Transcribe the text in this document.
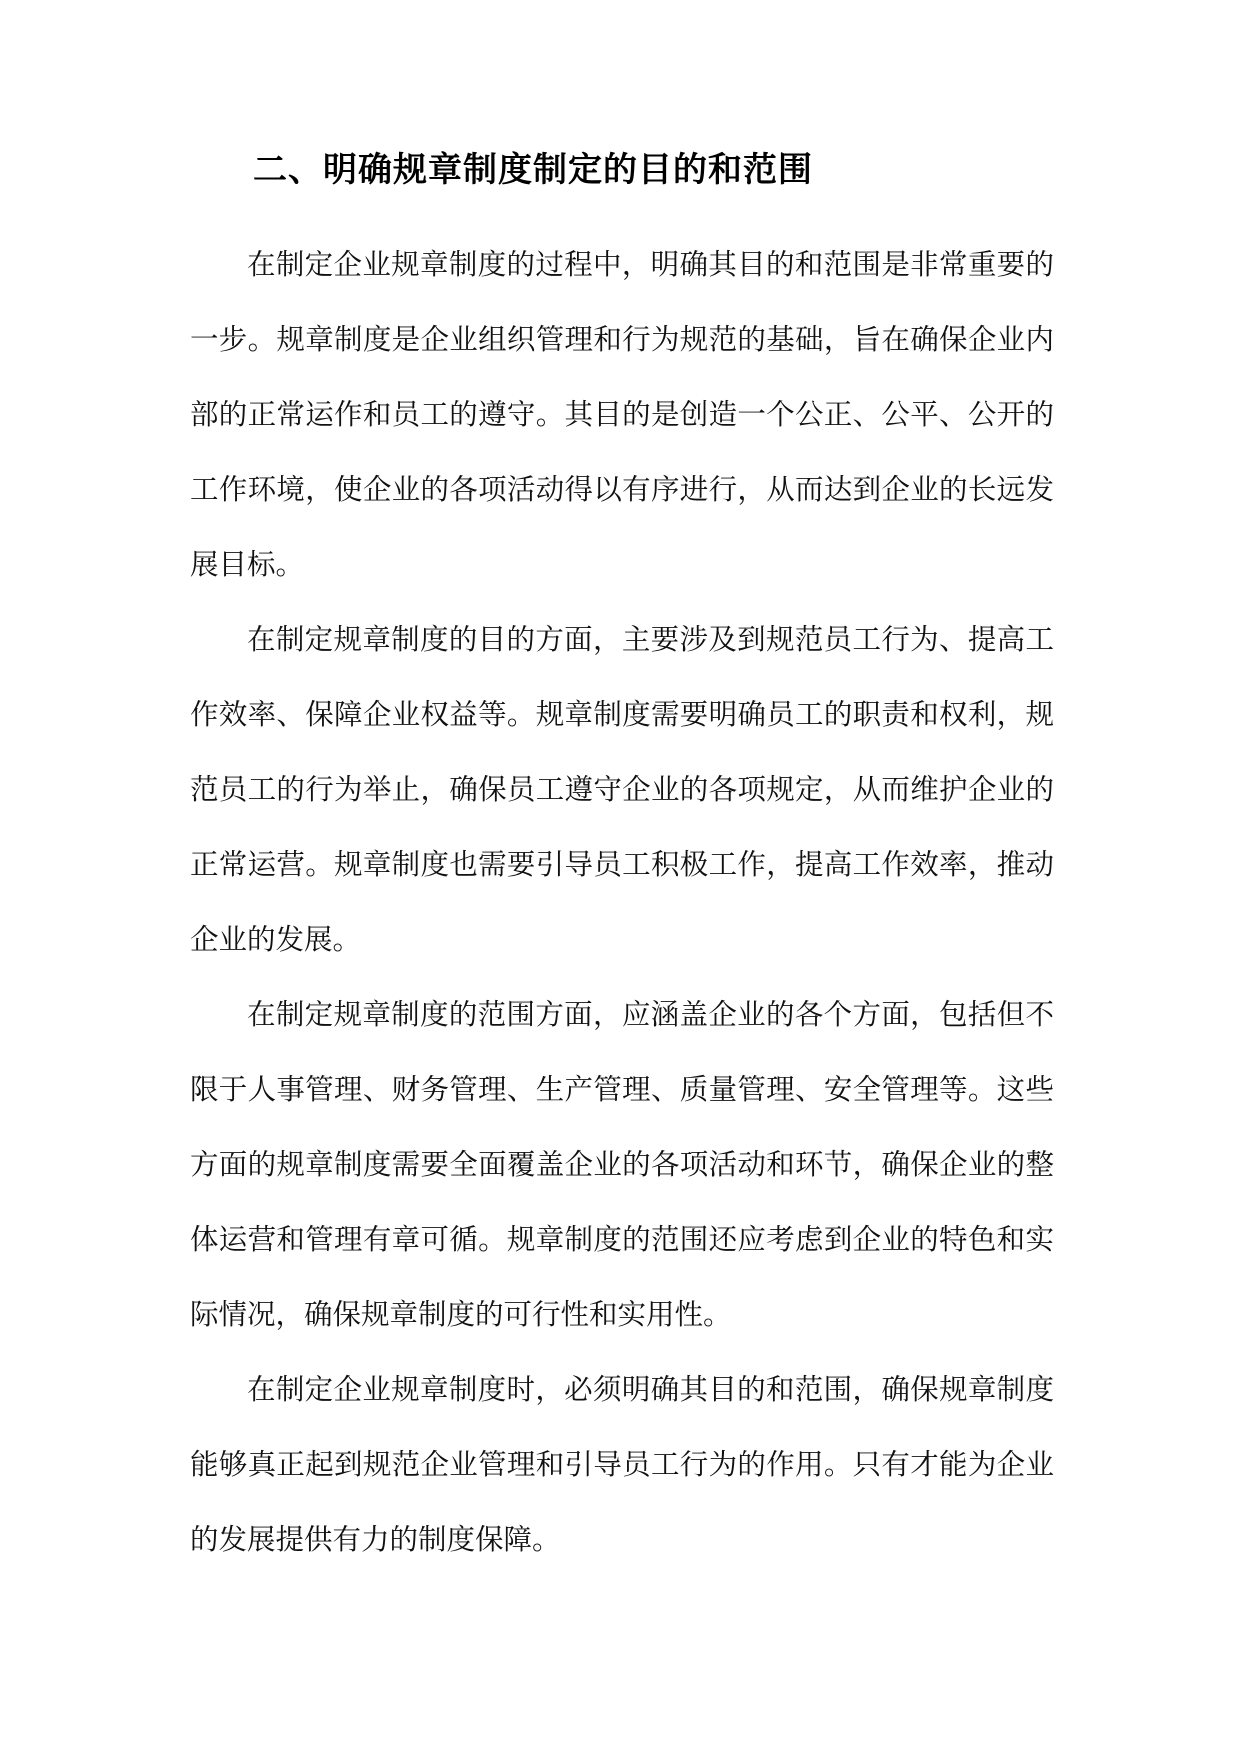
二、明确规章制度制定的目的和范围

在制定企业规章制度的过程中，明确其目的和范围是非常重要的一步。规章制度是企业组织管理和行为规范的基础，旨在确保企业内部的正常运作和员工的遵守。其目的是创造一个公正、公平、公开的工作环境，使企业的各项活动得以有序进行，从而达到企业的长远发展目标。

在制定规章制度的目的方面，主要涉及到规范员工行为、提高工作效率、保障企业权益等。规章制度需要明确员工的职责和权利，规范员工的行为举止，确保员工遵守企业的各项规定，从而维护企业的正常运营。规章制度也需要引导员工积极工作，提高工作效率，推动企业的发展。

在制定规章制度的范围方面，应涵盖企业的各个方面，包括但不限于人事管理、财务管理、生产管理、质量管理、安全管理等。这些方面的规章制度需要全面覆盖企业的各项活动和环节，确保企业的整体运营和管理有章可循。规章制度的范围还应考虑到企业的特色和实际情况，确保规章制度的可行性和实用性。

在制定企业规章制度时，必须明确其目的和范围，确保规章制度能够真正起到规范企业管理和引导员工行为的作用。只有才能为企业的发展提供有力的制度保障。
